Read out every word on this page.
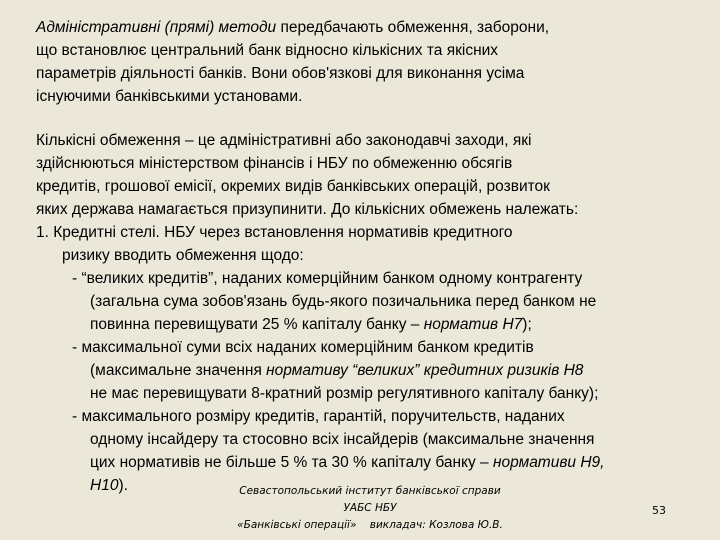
Адміністративні (прямі) методи передбачають обмеження, заборони,
що встановлює центральний банк відносно кількісних та якісних
параметрів діяльності банків. Вони обов'язкові для виконання усіма
існуючими банківськими установами.
Кількісні обмеження – це адміністративні або законодавчі заходи, які
здійснюються міністерством фінансів і НБУ по обмеженню обсягів
кредитів, грошової емісії, окремих видів банківських операцій, розвиток
яких держава намагається призупинити. До кількісних обмежень належать:
1. Кредитні стелі. НБУ через встановлення нормативів кредитного
ризику вводить обмеження щодо:
- “великих кредитів”, наданих комерційним банком одному контрагенту
(загальна сума зобов'язань будь-якого позичальника перед банком не
повинна перевищувати 25 % капіталу банку – норматив Н7);
- максимальної суми всіх наданих комерційним банком кредитів
(максимальне значення нормативу “великих” кредитних ризиків Н8
не має перевищувати 8-кратний розмір регулятивного капіталу банку);
- максимального розміру кредитів, гарантій, поручительств, наданих
одному інсайдеру та стосовно всіх інсайдерів (максимальне значення
цих нормативів не більше 5 % та 30 % капіталу банку – нормативи Н9,
Н10).	Севастопольський інститут банківської справи
УАБС НБУ
«Банківські операції»    викладач: Козлова Ю.В.
53
